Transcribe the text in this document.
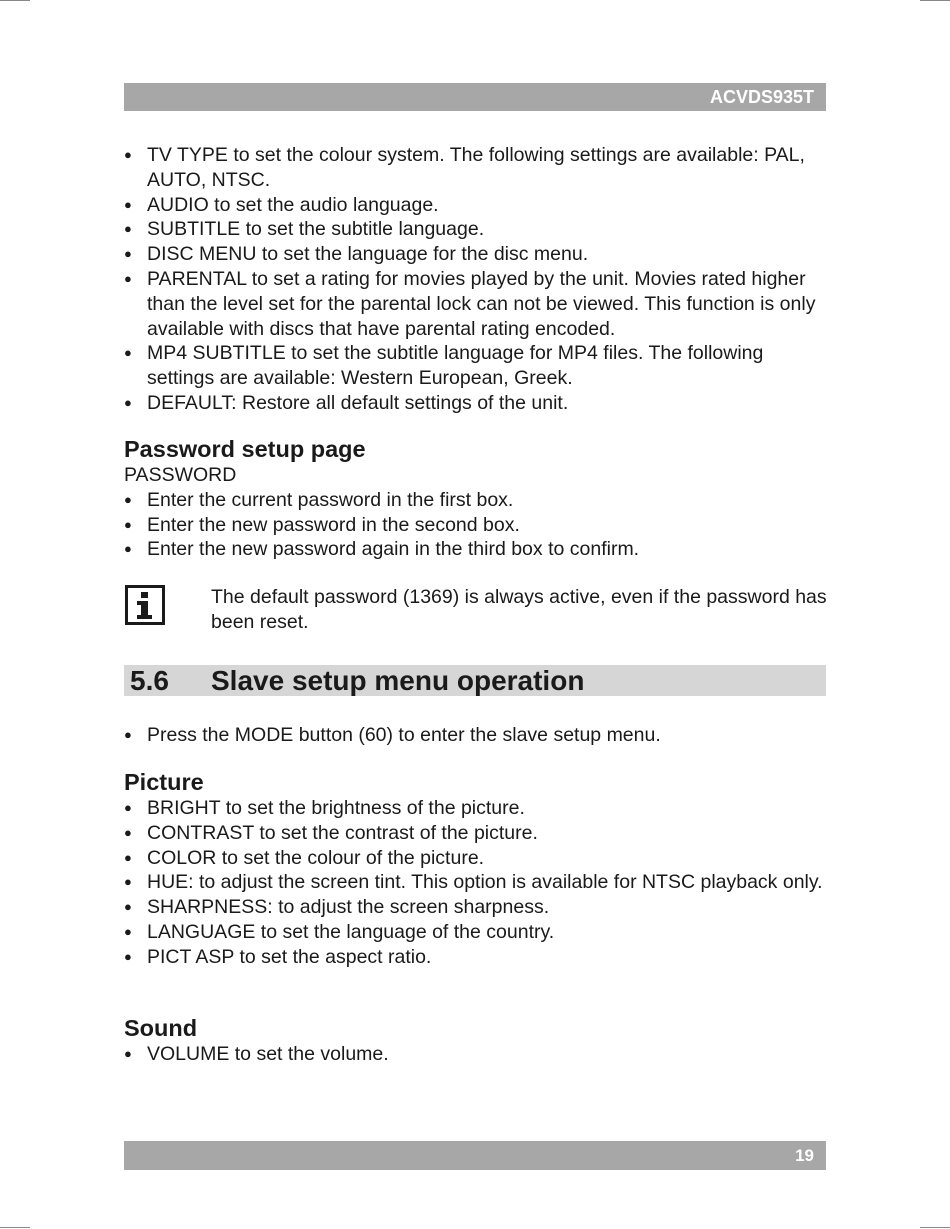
ACVDS935T
● TV TYPE to set the colour system. The following settings are available: PAL, AUTO, NTSC.
● AUDIO to set the audio language.
● SUBTITLE to set the subtitle language.
● DISC MENU to set the language for the disc menu.
● PARENTAL to set a rating for movies played by the unit. Movies rated higher than the level set for the parental lock can not be viewed. This function is only available with discs that have parental rating encoded.
● MP4 SUBTITLE to set the subtitle language for MP4 files. The following settings are available: Western European, Greek.
● DEFAULT: Restore all default settings of the unit.
Password setup page

PASSWORD

● Enter the current password in the first box.
● Enter the new password in the second box.
● Enter the new password again in the third box to confirm.
The default password (1369) is always active, even if the password has been reset.
5.6 Slave setup menu operation
● Press the MODE button (60) to enter the slave setup menu.
Picture
● BRIGHT to set the brightness of the picture.
● CONTRAST to set the contrast of the picture.
● COLOR to set the colour of the picture.
● HUE: to adjust the screen tint. This option is available for NTSC playback only.
● SHARPNESS: to adjust the screen sharpness.
● LANGUAGE to set the language of the country.
● PICT ASP to set the aspect ratio.
Sound
● VOLUME to set the volume.
19
